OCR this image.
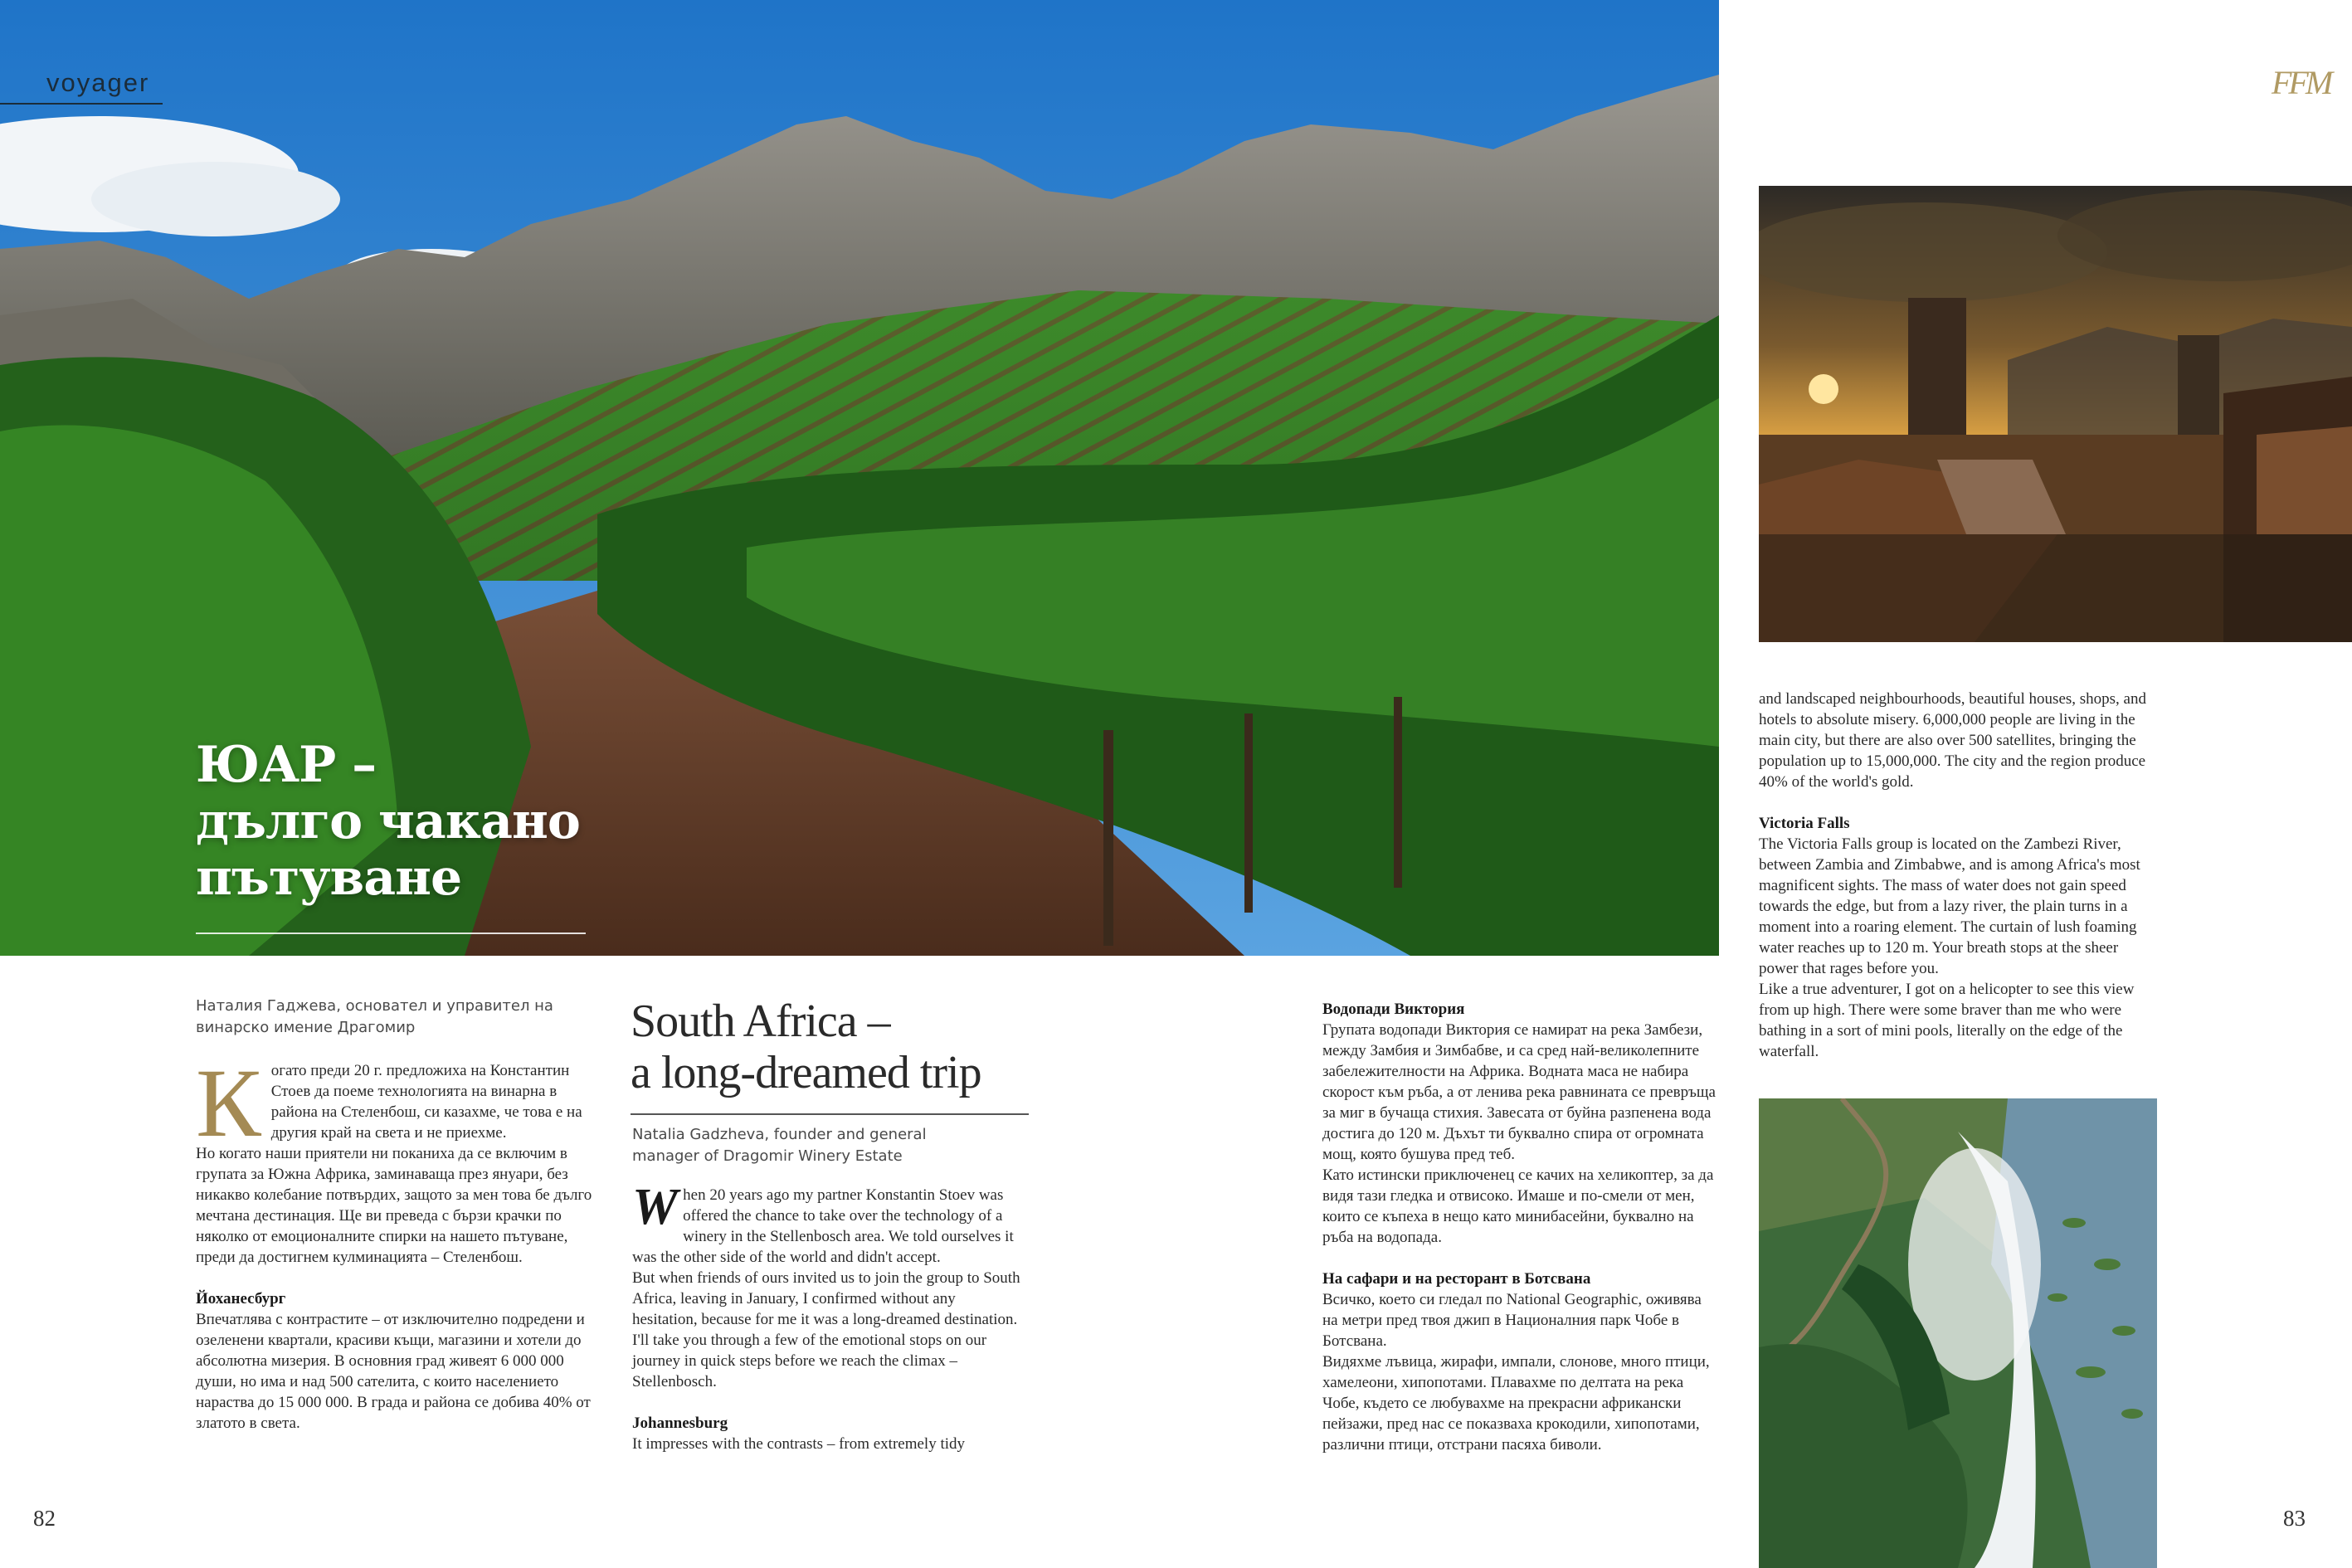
voyager
ЮАР –
дълго чакано
пътуване
FFM
Наталия Гаджева, основател и управител на винарско имение Драгомир

К огато преди 20 г. предложиха на Константин Стоев да поеме технологията на винарна в района на Стеленбош, си казахме, че това е на другия край на света и не приехме.

Но когато наши приятели ни поканиха да се включим в групата за Южна Африка, заминаваща през януари, без никакво колебание потвърдих, защото за мен това бе дълго мечтана дестинация. Ще ви преведа с бързи крачки по няколко от емоционалните спирки на нашето пътуване, преди да достигнем кулминацията – Стеленбош.

Йоханесбург

Впечатлява с контрастите – от изключително подредени и озеленени квартали, красиви къщи, магазини и хотели до абсолютна мизерия. В основния град живеят 6 000 000 души, но има и над 500 сателита, с които населението нараства до 15 000 000. В града и района се добива 40% от златото в света.

South Africa –
a long-dreamed trip
Natalia Gadzheva, founder and general manager of Dragomir Winery Estate

W hen 20 years ago my partner Konstantin Stoev was offered the chance to take over the technology of a winery in the Stellenbosch area. We told ourselves it was the other side of the world and didn't accept.

But when friends of ours invited us to join the group to South Africa, leaving in January, I confirmed without any hesitation, because for me it was a long-dreamed destination.

I'll take you through a few of the emotional stops on our journey in quick steps before we reach the climax – Stellenbosch.

Johannesburg

It impresses with the contrasts – from extremely tidy

Водопади Виктория

Групата водопади Виктория се намират на река Замбези, между Замбия и Зимбабве, и са сред най-великолепните забележителности на Африка. Водната маса не набира скорост към ръба, а от ленива река равнината се превръща за миг в бучаща стихия. Завесата от буйна разпенена вода достига до 120 м. Дъхът ти буквално спира от огромната мощ, която бушува пред теб.

Като истински приключенец се качих на хеликоптер, за да видя тази гледка и отвисоко. Имаше и по-смели от мен, които се къпеха в нещо като минибасейни, буквално на ръба на водопада.

На сафари и на ресторант в Ботсвана

Всичко, което си гледал по National Geographic, оживява на метри пред твоя джип в Националния парк Чобе в Ботсвана.

Видяхме лъвица, жирафи, импали, слонове, много птици, хамелеони, хипопотами. Плавахме по делтата на река Чобе, където се любувахме на прекрасни африкански пейзажи, пред нас се показваха крокодили, хипопотами, различни птици, отстрани пасяха биволи.

and landscaped neighbourhoods, beautiful houses, shops, and hotels to absolute misery. 6,000,000 people are living in the main city, but there are also over 500 satellites, bringing the population up to 15,000,000. The city and the region produce 40% of the world's gold.

Victoria Falls

The Victoria Falls group is located on the Zambezi River, between Zambia and Zimbabwe, and is among Africa's most magnificent sights. The mass of water does not gain speed towards the edge, but from a lazy river, the plain turns in a moment into a roaring element. The curtain of lush foaming water reaches up to 120 m. Your breath stops at the sheer power that rages before you.

Like a true adventurer, I got on a helicopter to see this view from up high. There were some braver than me who were bathing in a sort of mini pools, literally on the edge of the waterfall.

82	83
